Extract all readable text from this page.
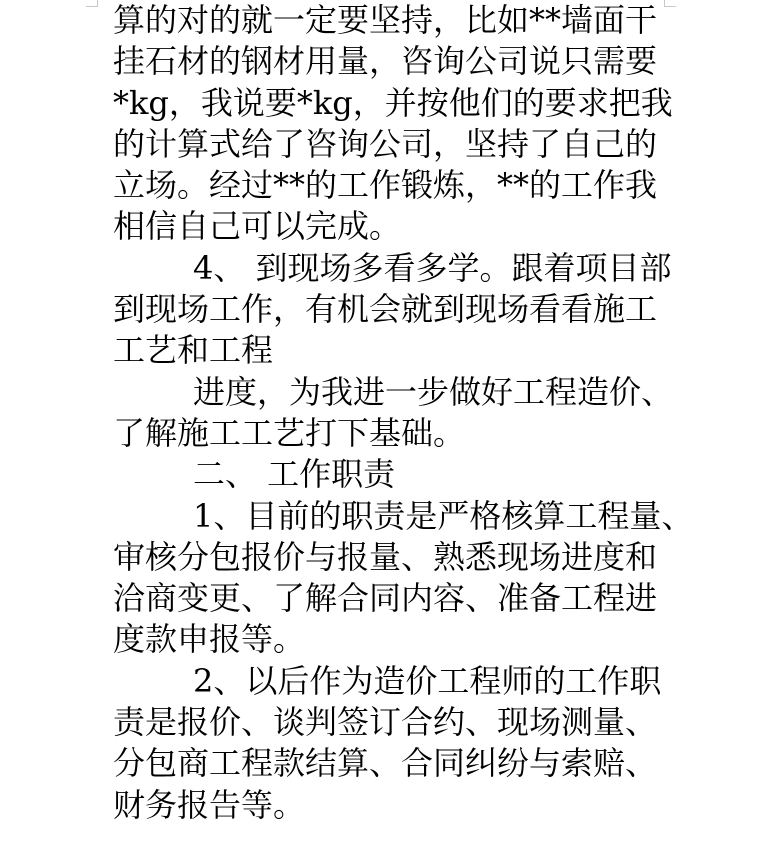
算的对的就一定要坚持，比如**墙面干
挂石材的钢材用量，咨询公司说只需要
*kg，我说要*kg，并按他们的要求把我
的计算式给了咨询公司，坚持了自己的
立场。经过**的工作锻炼，**的工作我
相信自己可以完成。
4、 到现场多看多学。跟着项目部
到现场工作，有机会就到现场看看施工
工艺和工程
进度，为我进一步做好工程造价、
了解施工工艺打下基础。
二、 工作职责
1、目前的职责是严格核算工程量、
审核分包报价与报量、熟悉现场进度和
洽商变更、了解合同内容、准备工程进
度款申报等。
2、以后作为造价工程师的工作职
责是报价、谈判签订合约、现场测量、
分包商工程款结算、合同纠纷与索赔、
财务报告等。
